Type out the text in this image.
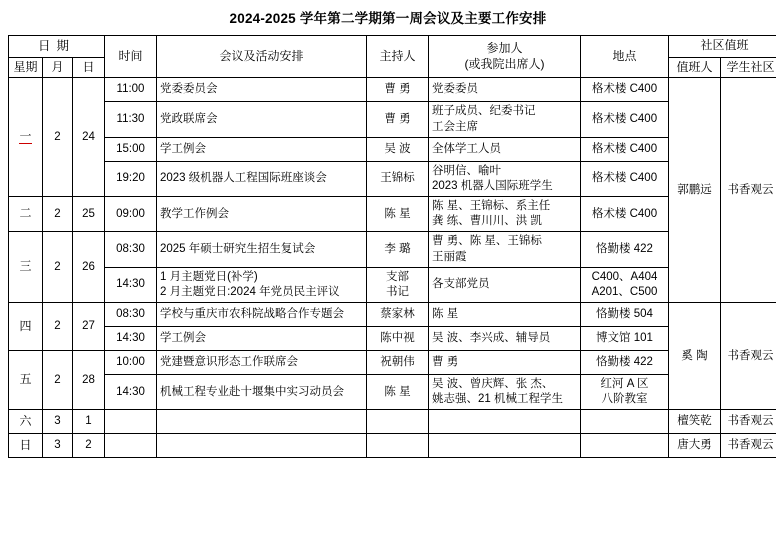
2024-2025 学年第二学期第一周会议及主要工作安排
日期			时间	会议及活动安排	主持人	参加人
(或我院出席人)	地点	社区值班	
星期	月	日						值班人	学生社区
一	2	24	11:00	党委委员会	曹 勇	党委委员	格术楼 C400	郭鹏远	书香观云

			11:30	党政联席会	曹 勇	班子成员、纪委书记
工会主席	格术楼 C400		

			15:00	学工例会	吴 波	全体学工人员	格术楼 C400		

			19:20	2023 级机器人工程国际班座谈会	王锦标	谷明信、喻叶
2023 机器人国际班学生	格术楼 C400		

二	2	25	09:00	教学工作例会	陈 星	陈 星、王锦标、系主任
龚 练、曹川川、洪 凯	格术楼 C400		

三	2	26	08:30	2025 年硕士研究生招生复试会	李 璐	曹 勇、陈 星、王锦标
王丽霞	恪勤楼 422		

			14:30	1 月主题党日(补学)
2 月主题党日:2024 年党员民主评议	支部
书记	各支部党员	C400、A404
A201、C500		

四	2	27	08:30	学校与重庆市农科院战略合作专题会	蔡家林	陈 星	恪勤楼 504	奚 陶	书香观云

			14:30	学工例会	陈中视	吴 波、李兴成、辅导员	博文馆 101		

五	2	28	10:00	党建暨意识形态工作联席会	祝朝伟	曹 勇	恪勤楼 422		

			14:30	机械工程专业赴十堰集中实习动员会	陈 星	吴 波、曾庆辉、张 杰、
姚志强、21 机械工程学生	红河 A 区
八阶教室		

六	3	1						檀笑乾	书香观云
日	3	2						唐大勇	书香观云
